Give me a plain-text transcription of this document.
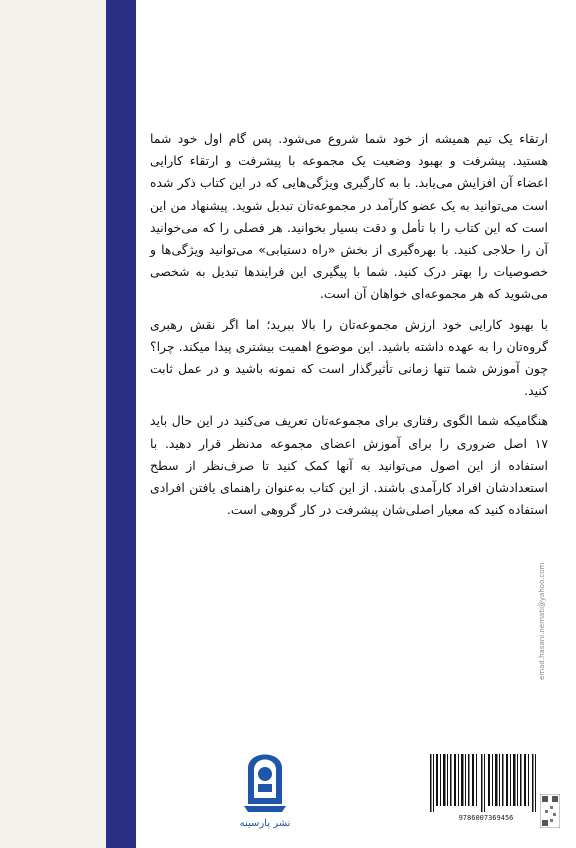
ارتقاء یک تیم همیشه از خود شما شروع می‌شود. پس گام اول خود شما هستید. پیشرفت و بهبود وضعیت یک مجموعه با پیشرفت و ارتقاء کارایی اعضاء آن افزایش می‌یابد. با به کارگیری ویژگی‌هایی که در این کتاب ذکر شده است می‌توانید به یک عضو کارآمد در مجموعه‌تان تبدیل شوید. پیشنهاد من این است که این کتاب را با تأمل و دقت بسیار بخوانید. هر فصلی را که می‌خوانید آن را حلاجی کنید. با بهره‌گیری از بخش «راه دستیابی» می‌توانید ویژگی‌ها و خصوصیات را بهتر درک کنید. شما با پیگیری این فرایندها تبدیل به شخصی می‌شوید که هر مجموعه‌ای خواهان آن است.

با بهبود کارایی خود ارزش مجموعه‌تان را بالا ببرید؛ اما اگر نقش رهبری گروه‌تان را به عهده داشته باشید. این موضوع اهمیت بیشتری پیدا میکند. چرا؟ چون آموزش شما تنها زمانی تأثیرگذار است که نمونه باشید و در عمل ثابت کنید.

هنگامیکه شما الگوی رفتاری برای مجموعه‌تان تعریف می‌کنید در این حال باید ۱۷ اصل ضروری را برای آموزش اعضای مجموعه مدنظر قرار دهید. با استفاده از این اصول می‌توانید به آنها کمک کنید تا صرف‌نظر از سطح استعدادشان افراد کارآمدی باشند. از این کتاب به‌عنوان راهنمای یافتن افرادی استفاده کنید که معیار اصلی‌شان پیشرفت در کار گروهی است.

نشر پارسینه	9786007369456
emad.hasani.nemati@yahoo.com
